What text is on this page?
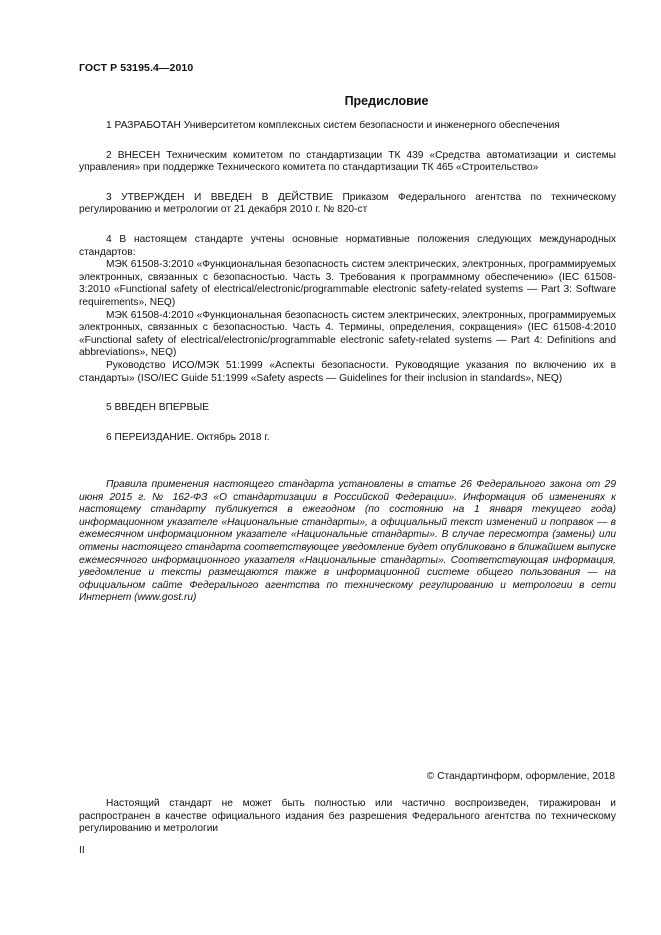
ГОСТ Р 53195.4—2010
Предисловие

1 РАЗРАБОТАН Университетом комплексных систем безопасности и инженерного обеспечения

2 ВНЕСЕН Техническим комитетом по стандартизации ТК 439 «Средства автоматизации и системы управления» при поддержке Технического комитета по стандартизации ТК 465 «Строительство»

3 УТВЕРЖДЕН И ВВЕДЕН В ДЕЙСТВИЕ Приказом Федерального агентства по техническому регулированию и метрологии от 21 декабря 2010 г. № 820-ст

4 В настоящем стандарте учтены основные нормативные положения следующих международных стандартов:

МЭК 61508-3:2010 «Функциональная безопасность систем электрических, электронных, программируемых электронных, связанных с безопасностью. Часть 3. Требования к программному обеспечению» (IEC 61508-3:2010 «Functional safety of electrical/electronic/programmable electronic safety-related systems — Part 3: Software requirements», NEQ)

МЭК 61508-4:2010 «Функциональная безопасность систем электрических, электронных, программируемых электронных, связанных с безопасностью. Часть 4. Термины, определения, сокращения» (IEC 61508-4:2010 «Functional safety of electrical/electronic/programmable electronic safety-related systems — Part 4: Definitions and abbreviations», NEQ)

Руководство ИСО/МЭК 51:1999 «Аспекты безопасности. Руководящие указания по включению их в стандарты» (ISO/IEC Guide 51:1999 «Safety aspects — Guidelines for their inclusion in standards», NEQ)

5 ВВЕДЕН ВПЕРВЫЕ

6 ПЕРЕИЗДАНИЕ. Октябрь 2018 г.

Правила применения настоящего стандарта установлены в статье 26 Федерального закона от 29 июня 2015 г. № 162-ФЗ «О стандартизации в Российской Федерации». Информация об изменениях к настоящему стандарту публикуется в ежегодном (по состоянию на 1 января текущего года) информационном указателе «Национальные стандарты», а официальный текст изменений и поправок — в ежемесячном информационном указателе «Национальные стандарты». В случае пересмотра (замены) или отмены настоящего стандарта соответствующее уведомление будет опубликовано в ближайшем выпуске ежемесячного информационного указателя «Национальные стандарты». Соответствующая информация, уведомление и тексты размещаются также в информационной системе общего пользования — на официальном сайте Федерального агентства по техническому регулированию и метрологии в сети Интернет (www.gost.ru)

© Стандартинформ, оформление, 2018

Настоящий стандарт не может быть полностью или частично воспроизведен, тиражирован и распространен в качестве официального издания без разрешения Федерального агентства по техническому регулированию и метрологии

II
